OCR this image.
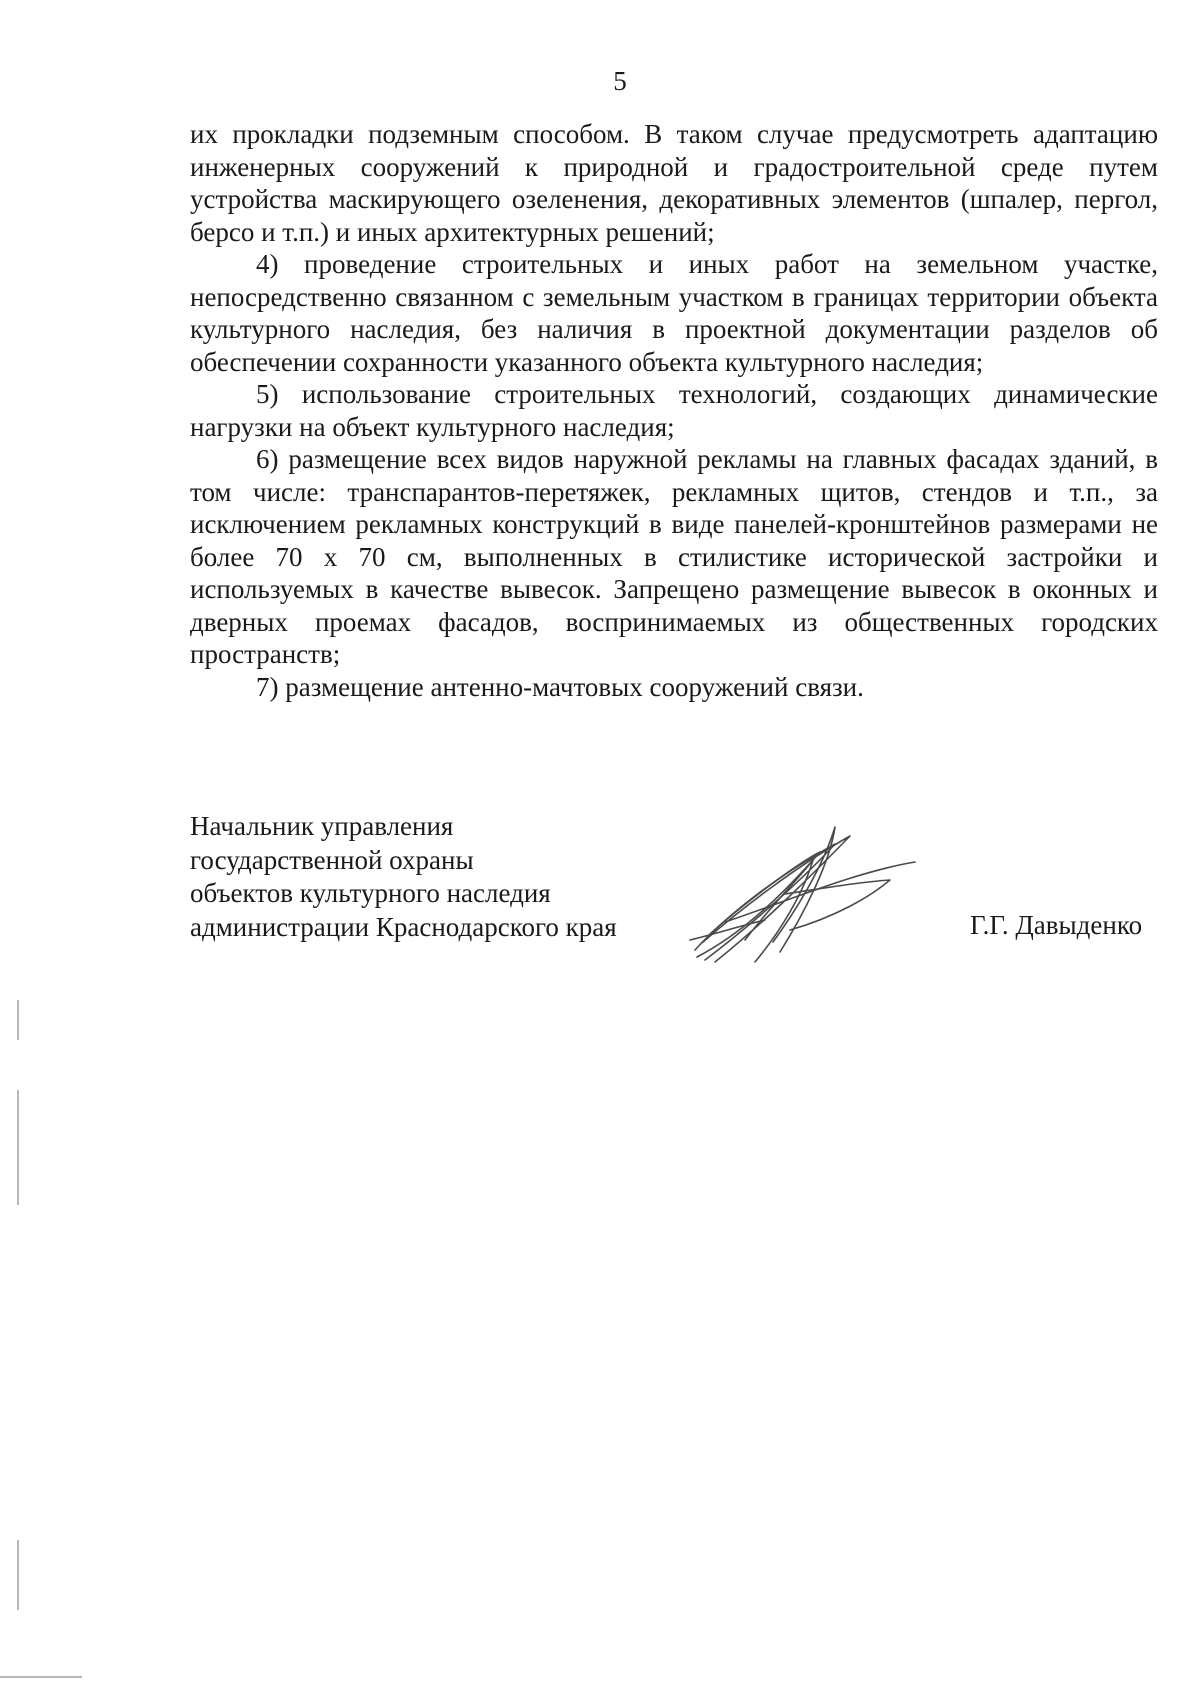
5

их прокладки подземным способом. В таком случае предусмотреть адаптацию инженерных сооружений к природной и градостроительной среде путем устройства маскирующего озеленения, декоративных элементов (шпалер, пергол, берсо и т.п.) и иных архитектурных решений;

4) проведение строительных и иных работ на земельном участке, непосредственно связанном с земельным участком в границах территории объекта культурного наследия, без наличия в проектной документации разделов об обеспечении сохранности указанного объекта культурного наследия;

5) использование строительных технологий, создающих динамические нагрузки на объект культурного наследия;

6) размещение всех видов наружной рекламы на главных фасадах зданий, в том числе: транспарантов-перетяжек, рекламных щитов, стендов и т.п., за исключением рекламных конструкций в виде панелей-кронштейнов размерами не более 70 х 70 см, выполненных в стилистике исторической застройки и используемых в качестве вывесок. Запрещено размещение вывесок в оконных и дверных проемах фасадов, воспринимаемых из общественных городских пространств;

7) размещение антенно-мачтовых сооружений связи.

Начальник управления
государственной охраны
объектов культурного наследия
администрации Краснодарского края	Г.Г. Давыденко
